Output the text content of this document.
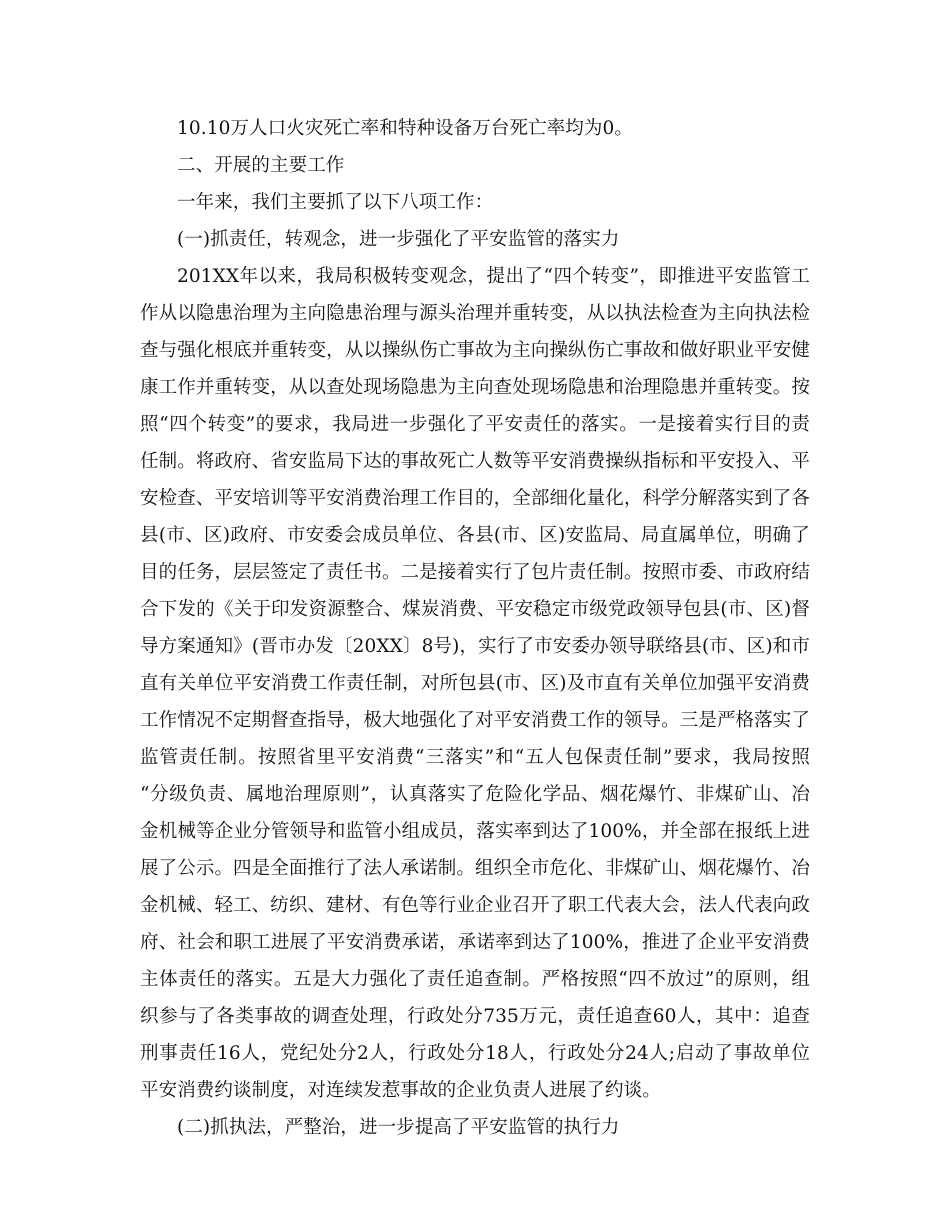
10.10万人口火灾死亡率和特种设备万台死亡率均为0。
二、开展的主要工作
一年来，我们主要抓了以下八项工作：
(一)抓责任，转观念，进一步强化了平安监管的落实力
201XX年以来，我局积极转变观念，提出了“四个转变”，即推进平安监管工
作从以隐患治理为主向隐患治理与源头治理并重转变，从以执法检查为主向执法检
查与强化根底并重转变，从以操纵伤亡事故为主向操纵伤亡事故和做好职业平安健
康工作并重转变，从以查处现场隐患为主向查处现场隐患和治理隐患并重转变。按
照“四个转变”的要求，我局进一步强化了平安责任的落实。一是接着实行目的责
任制。将政府、省安监局下达的事故死亡人数等平安消费操纵指标和平安投入、平
安检查、平安培训等平安消费治理工作目的，全部细化量化，科学分解落实到了各
县(市、区)政府、市安委会成员单位、各县(市、区)安监局、局直属单位，明确了
目的任务，层层签定了责任书。二是接着实行了包片责任制。按照市委、市政府结
合下发的《关于印发资源整合、煤炭消费、平安稳定市级党政领导包县(市、区)督
导方案通知》(晋市办发〔20XX〕8号)，实行了市安委办领导联络县(市、区)和市
直有关单位平安消费工作责任制，对所包县(市、区)及市直有关单位加强平安消费
工作情况不定期督查指导，极大地强化了对平安消费工作的领导。三是严格落实了
监管责任制。按照省里平安消费“三落实”和“五人包保责任制”要求，我局按照
“分级负责、属地治理原则”，认真落实了危险化学品、烟花爆竹、非煤矿山、冶
金机械等企业分管领导和监管小组成员，落实率到达了100%，并全部在报纸上进
展了公示。四是全面推行了法人承诺制。组织全市危化、非煤矿山、烟花爆竹、冶
金机械、轻工、纺织、建材、有色等行业企业召开了职工代表大会，法人代表向政
府、社会和职工进展了平安消费承诺，承诺率到达了100%，推进了企业平安消费
主体责任的落实。五是大力强化了责任追查制。严格按照“四不放过”的原则，组
织参与了各类事故的调查处理，行政处分735万元，责任追查60人，其中：追查
刑事责任16人，党纪处分2人，行政处分18人，行政处分24人;启动了事故单位
平安消费约谈制度，对连续发惹事故的企业负责人进展了约谈。
(二)抓执法，严整治，进一步提高了平安监管的执行力
